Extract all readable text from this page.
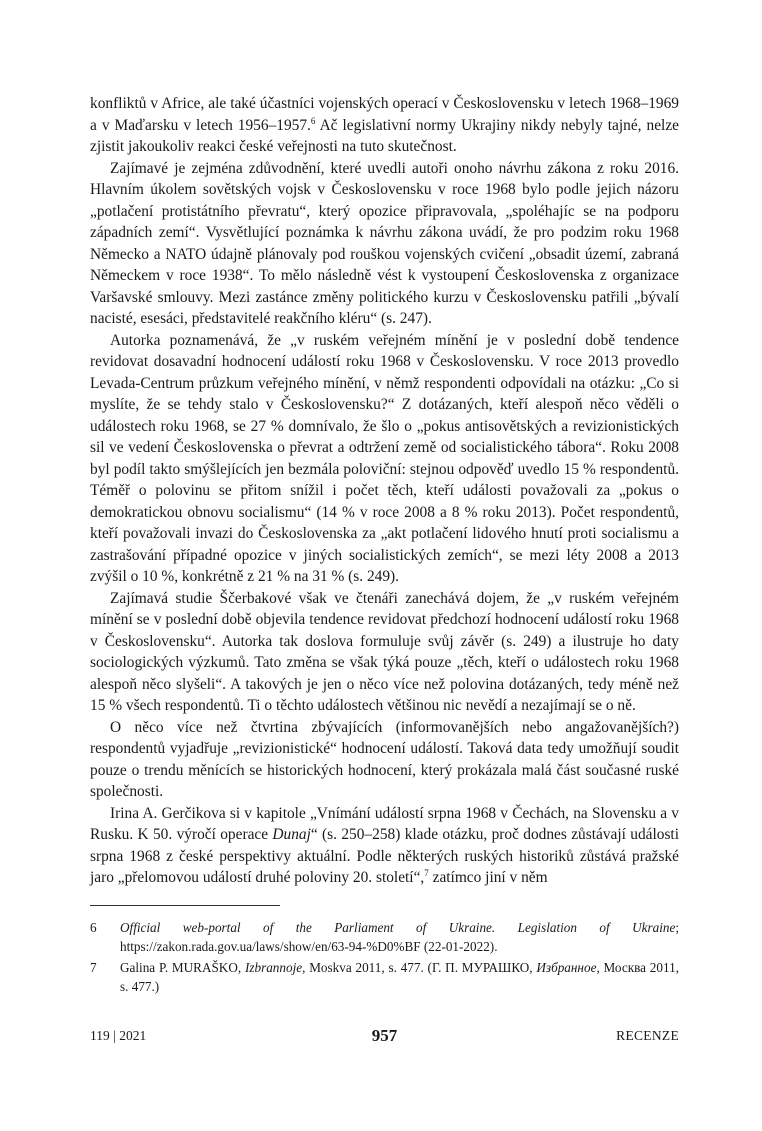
konfliktů v Africe, ale také účastníci vojenských operací v Československu v letech 1968–1969 a v Maďarsku v letech 1956–1957.$^6$ Ač legislativní normy Ukrajiny nikdy nebyly tajné, nelze zjistit jakoukoliv reakci české veřejnosti na tuto skutečnost.

Zajímavé je zejména zdůvodnění, které uvedli autoři onoho návrhu zákona z roku 2016. Hlavním úkolem sovětských vojsk v Československu v roce 1968 bylo podle jejich názoru „potlačení protistátního převratu“, který opozice připravovala, „spoléhajíc se na podporu západních zemí“. Vysvětlující poznámka k návrhu zákona uvádí, že pro podzim roku 1968 Německo a NATO údajně plánovaly pod rouškou vojenských cvičení „obsadit území, zabraná Německem v roce 1938“. To mělo následně vést k vystoupení Československa z organizace Varšavské smlouvy. Mezi zastánce změny politického kurzu v Československu patřili „bývalí nacisté, esesáci, představitelé reakčního kléru“ (s. 247).

Autorka poznamenává, že „v ruském veřejném mínění je v poslední době tendence revidovat dosavadní hodnocení událostí roku 1968 v Československu. V roce 2013 provedlo Levada-Centrum průzkum veřejného mínění, v němž respondenti odpovídali na otázku: „Co si myslíte, že se tehdy stalo v Československu?“ Z dotázaných, kteří alespoň něco věděli o událostech roku 1968, se 27 % domnívalo, že šlo o „pokus antisovětských a revizionistických sil ve vedení Československa o převrat a odtržení země od socialistického tábora“. Roku 2008 byl podíl takto smýšlejících jen bezmála poloviční: stejnou odpověď uvedlo 15 % respondentů. Téměř o polovinu se přitom snížil i počet těch, kteří události považovali za „pokus o demokratickou obnovu socialismu“ (14 % v roce 2008 a 8 % roku 2013). Počet respondentů, kteří považovali invazi do Československa za „akt potlačení lidového hnutí proti socialismu a zastrašování případné opozice v jiných socialistických zemích“, se mezi léty 2008 a 2013 zvýšil o 10 %, konkrétně z 21 % na 31 % (s. 249).

Zajímavá studie Ščerbakové však ve čtenáři zanechává dojem, že „v ruském veřejném mínění se v poslední době objevila tendence revidovat předchozí hodnocení událostí roku 1968 v Československu“. Autorka tak doslova formuluje svůj závěr (s. 249) a ilustruje ho daty sociologických výzkumů. Tato změna se však týká pouze „těch, kteří o událostech roku 1968 alespoň něco slyšeli“. A takových je jen o něco více než polovina dotázaných, tedy méně než 15 % všech respondentů. Ti o těchto událostech většinou nic nevědí a nezajímají se o ně.

O něco více než čtvrtina zbývajících (informovanějších nebo angažovanějších?) respondentů vyjadřuje „revizionistické“ hodnocení událostí. Taková data tedy umožňují soudit pouze o trendu měnících se historických hodnocení, který prokázala malá část současné ruské společnosti.

Irina A. Gerčikova si v kapitole „Vnímání událostí srpna 1968 v Čechách, na Slovensku a v Rusku. K 50. výročí operace Dunaj“ (s. 250–258) klade otázku, proč dodnes zůstávají události srpna 1968 z české perspektivy aktuální. Podle některých ruských historiků zůstává pražské jaro „přelomovou událostí druhé poloviny 20. století“,$^7$ zatímco jiní v něm

6	Official web-portal of the Parliament of Ukraine. Legislation of Ukraine; https://zakon.rada.gov.ua/laws/show/en/63-94-%D0%BF (22-01-2022).
7	Galina P. MURAŠKO, Izbrannoje, Moskva 2011, s. 477. (Г. П. МУРАШКО, Избранное, Москва 2011, s. 477.)
119 | 2021	957	RECENZE
